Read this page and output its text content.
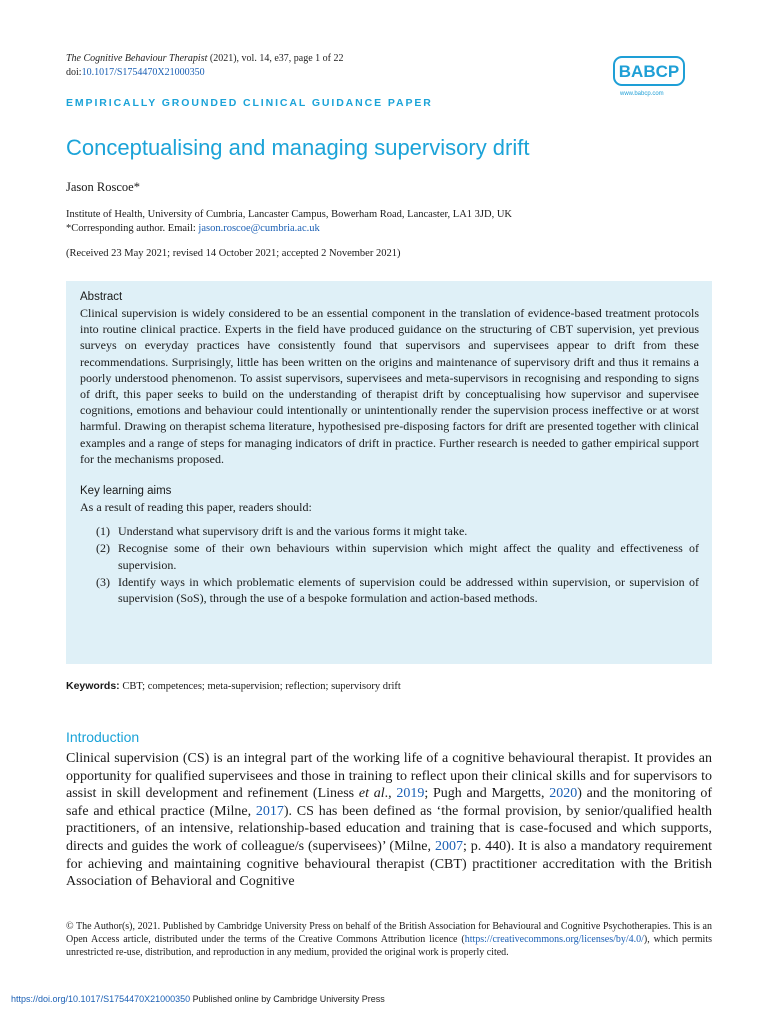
The Cognitive Behaviour Therapist (2021), vol. 14, e37, page 1 of 22
doi:10.1017/S1754470X21000350	BABCP
www.babcp.com
EMPIRICALLY GROUNDED CLINICAL GUIDANCE PAPER
Conceptualising and managing supervisory drift
Jason Roscoe*
Institute of Health, University of Cumbria, Lancaster Campus, Bowerham Road, Lancaster, LA1 3JD, UK
*Corresponding author. Email: jason.roscoe@cumbria.ac.uk
(Received 23 May 2021; revised 14 October 2021; accepted 2 November 2021)

Abstract

Clinical supervision is widely considered to be an essential component in the translation of evidence-based treatment protocols into routine clinical practice. Experts in the field have produced guidance on the structuring of CBT supervision, yet previous surveys on everyday practices have consistently found that supervisors and supervisees appear to drift from these recommendations. Surprisingly, little has been written on the origins and maintenance of supervisory drift and thus it remains a poorly understood phenomenon. To assist supervisors, supervisees and meta-supervisors in recognising and responding to signs of drift, this paper seeks to build on the understanding of therapist drift by conceptualising how supervisor and supervisee cognitions, emotions and behaviour could intentionally or unintentionally render the supervision process ineffective or at worst harmful. Drawing on therapist schema literature, hypothesised pre-disposing factors for drift are presented together with clinical examples and a range of steps for managing indicators of drift in practice. Further research is needed to gather empirical support for the mechanisms proposed.

Key learning aims

As a result of reading this paper, readers should:

(1) Understand what supervisory drift is and the various forms it might take.
(2) Recognise some of their own behaviours within supervision which might affect the quality and effectiveness of supervision.
(3) Identify ways in which problematic elements of supervision could be addressed within supervision, or supervision of supervision (SoS), through the use of a bespoke formulation and action-based methods.
Keywords: CBT; competences; meta-supervision; reflection; supervisory drift
Introduction

Clinical supervision (CS) is an integral part of the working life of a cognitive behavioural therapist. It provides an opportunity for qualified supervisees and those in training to reflect upon their clinical skills and for supervisors to assist in skill development and refinement (Liness et al., 2019; Pugh and Margetts, 2020) and the monitoring of safe and ethical practice (Milne, 2017). CS has been defined as ‘the formal provision, by senior/qualified health practitioners, of an intensive, relationship-based education and training that is case-focused and which supports, directs and guides the work of colleague/s (supervisees)’ (Milne, 2007; p. 440). It is also a mandatory requirement for achieving and maintaining cognitive behavioural therapist (CBT) practitioner accreditation with the British Association of Behavioral and Cognitive

© The Author(s), 2021. Published by Cambridge University Press on behalf of the British Association for Behavioural and Cognitive Psychotherapies. This is an Open Access article, distributed under the terms of the Creative Commons Attribution licence (https://creativecommons.org/licenses/by/4.0/), which permits unrestricted re-use, distribution, and reproduction in any medium, provided the original work is properly cited.
https://doi.org/10.1017/S1754470X21000350 Published online by Cambridge University Press
